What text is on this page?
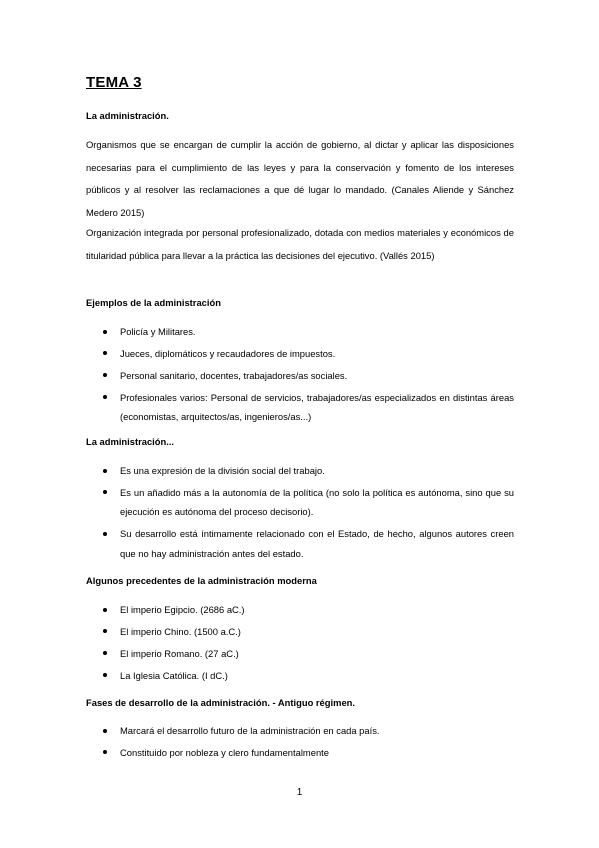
TEMA 3
La administración.
Organismos que se encargan de cumplir la acción de gobierno, al dictar y aplicar las disposiciones necesarias para el cumplimiento de las leyes y para la conservación y fomento de los intereses públicos y al resolver las reclamaciones a que dé lugar lo mandado. (Canales Aliende y Sánchez Medero 2015)
Organización integrada por personal profesionalizado, dotada con medios materiales y económicos de titularidad pública para llevar a la práctica las decisiones del ejecutivo. (Vallés 2015)
Ejemplos de la administración
Policía y Militares.
Jueces, diplomáticos y recaudadores de impuestos.
Personal sanitario, docentes, trabajadores/as sociales.
Profesionales varios: Personal de servicios, trabajadores/as especializados en distintas áreas (economistas, arquitectos/as, ingenieros/as...)
La administración...
Es una expresión de la división social del trabajo.
Es un añadido más a la autonomía de la política (no solo la política es autónoma, sino que su ejecución es autónoma del proceso decisorio).
Su desarrollo está íntimamente relacionado con el Estado, de hecho, algunos autores creen que no hay administración antes del estado.
Algunos precedentes de la administración moderna
El imperio Egipcio. (2686 aC.)
El imperio Chino. (1500 a.C.)
El imperio Romano. (27 aC.)
La Iglesia Católica. (I dC.)
Fases de desarrollo de la administración. - Antiguo régimen.
Marcará el desarrollo futuro de la administración en cada país.
Constituido por nobleza y clero fundamentalmente
1
